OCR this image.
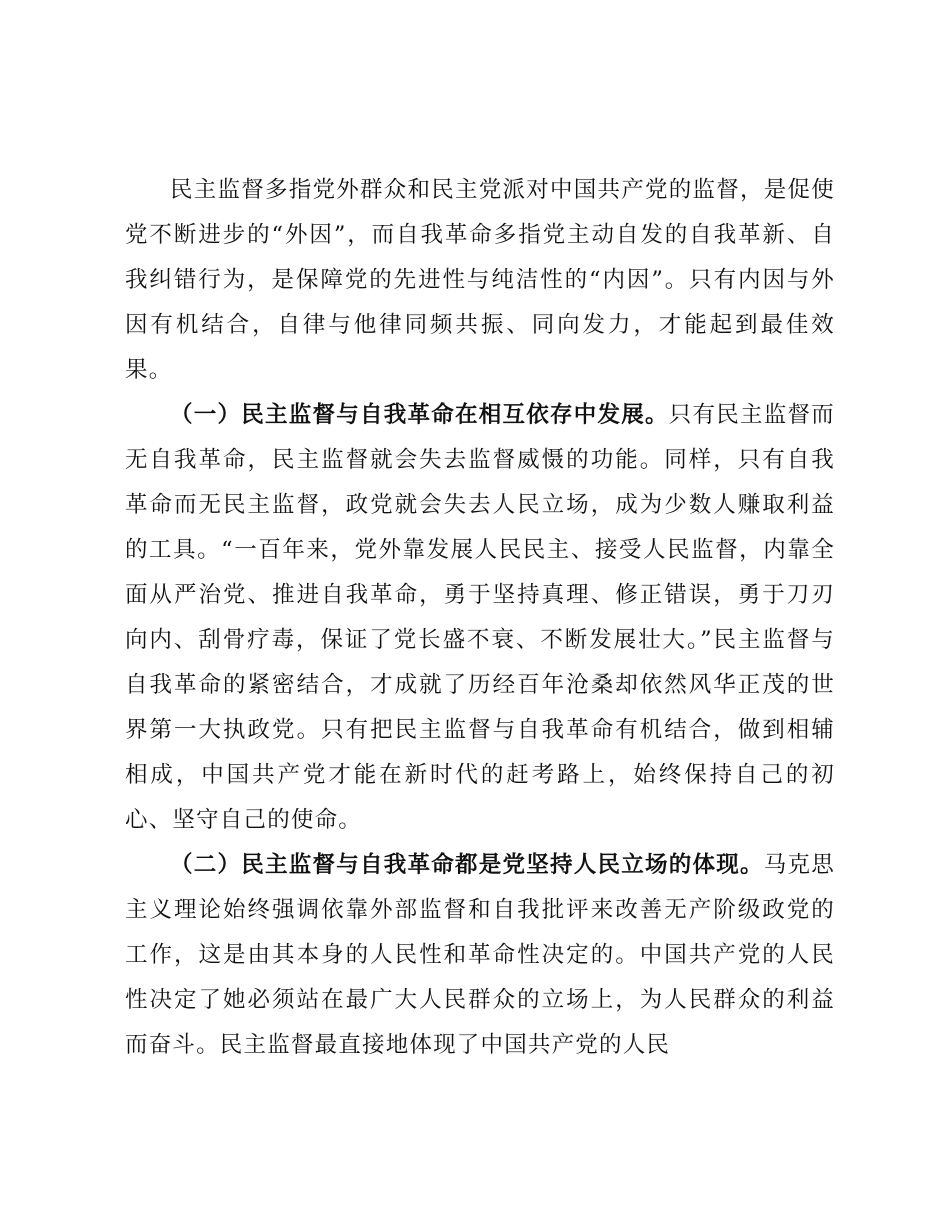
民主监督多指党外群众和民主党派对中国共产党的监督，是促使党不断进步的“外因”，而自我革命多指党主动自发的自我革新、自我纠错行为，是保障党的先进性与纯洁性的“内因”。只有内因与外因有机结合，自律与他律同频共振、同向发力，才能起到最佳效果。

（一）民主监督与自我革命在相互依存中发展。只有民主监督而无自我革命，民主监督就会失去监督威慑的功能。同样，只有自我革命而无民主监督，政党就会失去人民立场，成为少数人赚取利益的工具。“一百年来，党外靠发展人民民主、接受人民监督，内靠全面从严治党、推进自我革命，勇于坚持真理、修正错误，勇于刀刃向内、刮骨疗毒，保证了党长盛不衰、不断发展壮大。”民主监督与自我革命的紧密结合，才成就了历经百年沧桑却依然风华正茂的世界第一大执政党。只有把民主监督与自我革命有机结合，做到相辅相成，中国共产党才能在新时代的赶考路上，始终保持自己的初心、坚守自己的使命。

（二）民主监督与自我革命都是党坚持人民立场的体现。马克思主义理论始终强调依靠外部监督和自我批评来改善无产阶级政党的工作，这是由其本身的人民性和革命性决定的。中国共产党的人民性决定了她必须站在最广大人民群众的立场上，为人民群众的利益而奋斗。民主监督最直接地体现了中国共产党的人民
